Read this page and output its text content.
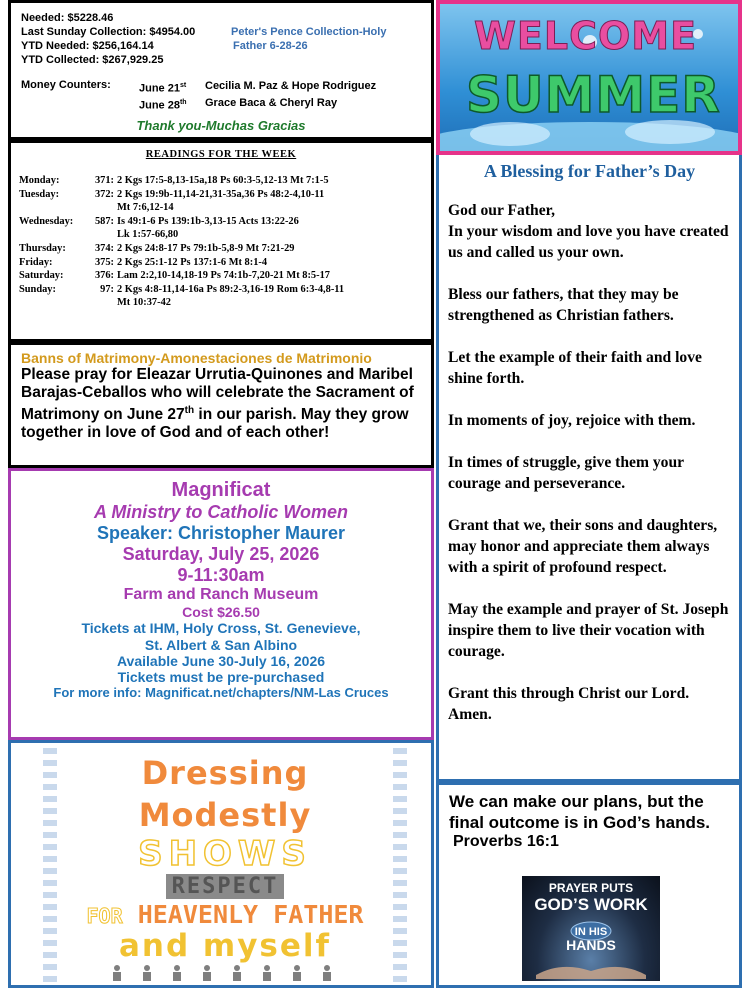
Needed:
$5228.46
Last Sunday Collection:
$4954.00
YTD Needed:
$256,164.14
YTD Collected:
$267,929.25
Peter's Pence Collection-Holy
Father 6-28-26
Money Counters:	June 21st	Cecilia M. Paz & Hope Rodriguez
June 28th	Grace Baca & Cheryl Ray
Thank you-Muchas Gracias
READINGS FOR THE WEEK
Monday:	371: 2 Kgs 17:5-8,13-15a,18 Ps 60:3-5,12-13 Mt 7:1-5
Tuesday:	372: 2 Kgs 19:9b-11,14-21,31-35a,36 Ps 48:2-4,10-11
Mt 7:6,12-14
Wednesday:	587: Is 49:1-6 Ps 139:1b-3,13-15 Acts 13:22-26
Lk 1:57-66,80
Thursday:	374: 2 Kgs 24:8-17 Ps 79:1b-5,8-9 Mt 7:21-29
Friday:	375: 2 Kgs 25:1-12 Ps 137:1-6 Mt 8:1-4
Saturday:	376: Lam 2:2,10-14,18-19 Ps 74:1b-7,20-21 Mt 8:5-17
Sunday:	97: 2 Kgs 4:8-11,14-16a Ps 89:2-3,16-19 Rom 6:3-4,8-11
Mt 10:37-42
Banns of Matrimony-Amonestaciones de Matrimonio
Please pray for Eleazar Urrutia-Quinones and Maribel Barajas-Ceballos who will celebrate the Sacrament of Matrimony on June 27th in our parish. May they grow together in love of God and of each other!
Magnificat
A Ministry to Catholic Women
Speaker: Christopher Maurer
Saturday, July 25, 2026
9-11:30am
Farm and Ranch Museum
Cost $26.50
Tickets at IHM, Holy Cross, St. Genevieve,
St. Albert & San Albino
Available June 30-July 16, 2026
Tickets must be pre-purchased
For more info: Magnificat.net/chapters/NM-Las Cruces
Dressing
Modestly
SHOWS
RESPECT
FOR HEAVENLY FATHER
and myself
WELCOME
SUMMER
A Blessing for Father’s Day

God our Father,
In your wisdom and love you have created us and called us your own.

Bless our fathers, that they may be strengthened as Christian fathers.

Let the example of their faith and love shine forth.

In moments of joy, rejoice with them.

In times of struggle, give them your courage and perseverance.

Grant that we, their sons and daughters, may honor and appreciate them always with a spirit of profound respect.

May the example and prayer of St. Joseph inspire them to live their vocation with courage.

Grant this through Christ our Lord. Amen.

We can make our plans, but the final outcome is in God’s hands.
Proverbs 16:1
PRAYER PUTS
GOD’S WORK
IN HIS
HANDS
